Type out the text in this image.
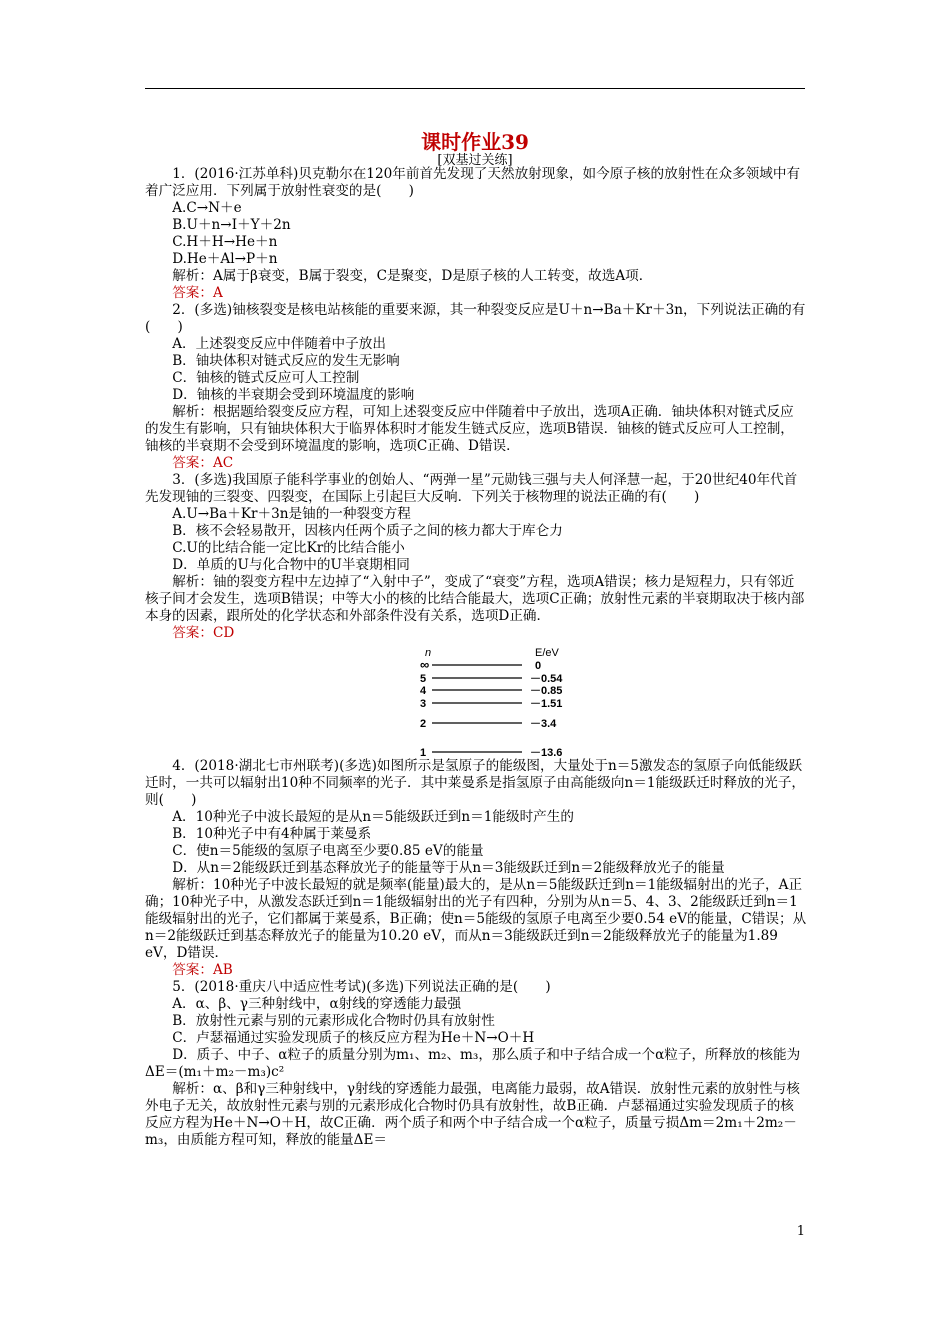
课时作业39
[双基过关练]

1．(2016·江苏单科)贝克勒尔在120年前首先发现了天然放射现象，如今原子核的放射性在众多领域中有着广泛应用．下列属于放射性衰变的是(　　)

A.C→N＋e

B.U＋n→I＋Y＋2n

C.H＋H→He＋n

D.He＋Al→P＋n

解析：A属于β衰变，B属于裂变，C是聚变，D是原子核的人工转变，故选A项．

答案：A

2．(多选)铀核裂变是核电站核能的重要来源，其一种裂变反应是U＋n→Ba＋Kr＋3n，下列说法正确的有(　　)

A．上述裂变反应中伴随着中子放出

B．铀块体积对链式反应的发生无影响

C．铀核的链式反应可人工控制

D．铀核的半衰期会受到环境温度的影响

解析：根据题给裂变反应方程，可知上述裂变反应中伴随着中子放出，选项A正确．铀块体积对链式反应的发生有影响，只有铀块体积大于临界体积时才能发生链式反应，选项B错误．铀核的链式反应可人工控制，铀核的半衰期不会受到环境温度的影响，选项C正确、D错误．

答案：AC

3．(多选)我国原子能科学事业的创始人、“两弹一星”元勋钱三强与夫人何泽慧一起，于20世纪40年代首先发现铀的三裂变、四裂变，在国际上引起巨大反响．下列关于核物理的说法正确的有(　　)

A.U→Ba＋Kr＋3n是铀的一种裂变方程

B．核不会轻易散开，因核内任两个质子之间的核力都大于库仑力

C.U的比结合能一定比Kr的比结合能小

D．单质的U与化合物中的U半衰期相同

解析：铀的裂变方程中左边掉了“入射中子”，变成了“衰变”方程，选项A错误；核力是短程力，只有邻近核子间才会发生，选项B错误；中等大小的核的比结合能最大，选项C正确；放射性元素的半衰期取决于核内部本身的因素，跟所处的化学状态和外部条件没有关系，选项D正确．

答案：CD

n	E/eV
∞	0
5	－0.54
4	－0.85
3	－1.51
2	－3.4
1	－13.6

4．(2018·湖北七市州联考)(多选)如图所示是氢原子的能级图，大量处于n＝5激发态的氢原子向低能级跃迁时，一共可以辐射出10种不同频率的光子．其中莱曼系是指氢原子由高能级向n＝1能级跃迁时释放的光子，则(　　)

A．10种光子中波长最短的是从n＝5能级跃迁到n＝1能级时产生的

B．10种光子中有4种属于莱曼系

C．使n＝5能级的氢原子电离至少要0.85 eV的能量

D．从n＝2能级跃迁到基态释放光子的能量等于从n＝3能级跃迁到n＝2能级释放光子的能量

解析：10种光子中波长最短的就是频率(能量)最大的，是从n＝5能级跃迁到n＝1能级辐射出的光子，A正确；10种光子中，从激发态跃迁到n＝1能级辐射出的光子有四种，分别为从n＝5、4、3、2能级跃迁到n＝1能级辐射出的光子，它们都属于莱曼系，B正确；使n＝5能级的氢原子电离至少要0.54 eV的能量，C错误；从n＝2能级跃迁到基态释放光子的能量为10.20 eV，而从n＝3能级跃迁到n＝2能级释放光子的能量为1.89 eV，D错误．

答案：AB

5．(2018·重庆八中适应性考试)(多选)下列说法正确的是(　　)

A．α、β、γ三种射线中，α射线的穿透能力最强

B．放射性元素与别的元素形成化合物时仍具有放射性

C．卢瑟福通过实验发现质子的核反应方程为He＋N→O＋H

D．质子、中子、α粒子的质量分别为m₁、m₂、m₃，那么质子和中子结合成一个α粒子，所释放的核能为ΔE＝(m₁＋m₂－m₃)c²

解析：α、β和γ三种射线中，γ射线的穿透能力最强，电离能力最弱，故A错误．放射性元素的放射性与核外电子无关，故放射性元素与别的元素形成化合物时仍具有放射性，故B正确．卢瑟福通过实验发现质子的核反应方程为He＋N→O＋H，故C正确．两个质子和两个中子结合成一个α粒子，质量亏损Δm＝2m₁＋2m₂－m₃，由质能方程可知，释放的能量ΔE＝

1
